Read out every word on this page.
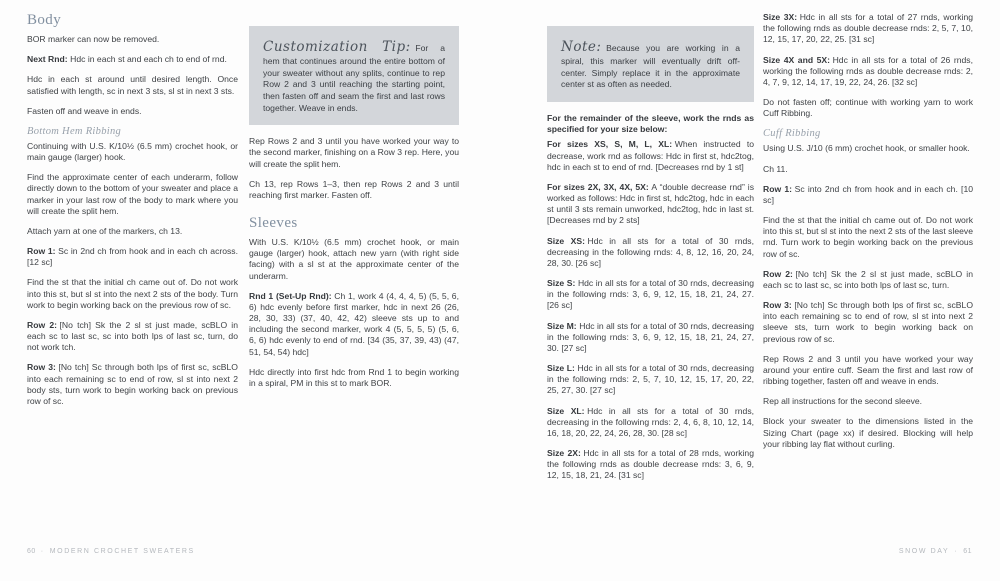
Body

BOR marker can now be removed.

Next Rnd: Hdc in each st and each ch to end of rnd.

Hdc in each st around until desired length. Once satisfied with length, sc in next 3 sts, sl st in next 3 sts.

Fasten off and weave in ends.

Bottom Hem Ribbing

Continuing with U.S. K/10½ (6.5 mm) crochet hook, or main gauge (larger) hook.

Find the approximate center of each underarm, follow directly down to the bottom of your sweater and place a marker in your last row of the body to mark where you will create the split hem.

Attach yarn at one of the markers, ch 13.

Row 1: Sc in 2nd ch from hook and in each ch across. [12 sc]

Find the st that the initial ch came out of. Do not work into this st, but sl st into the next 2 sts of the body. Turn work to begin working back on the previous row of sc.

Row 2: [No tch] Sk the 2 sl st just made, scBLO in each sc to last sc, sc into both lps of last sc, turn, do not work tch.

Row 3: [No tch] Sc through both lps of first sc, scBLO into each remaining sc to end of row, sl st into next 2 body sts, turn work to begin working back on previous row of sc.

Customization Tip: For a hem that continues around the entire bottom of your sweater without any splits, continue to rep Row 2 and 3 until reaching the starting point, then fasten off and seam the first and last rows together. Weave in ends.

Rep Rows 2 and 3 until you have worked your way to the second marker, finishing on a Row 3 rep. Here, you will create the split hem.

Ch 13, rep Rows 1–3, then rep Rows 2 and 3 until reaching first marker. Fasten off.

Sleeves

With U.S. K/10½ (6.5 mm) crochet hook, or main gauge (larger) hook, attach new yarn (with right side facing) with a sl st at the approximate center of the underarm.

Rnd 1 (Set-Up Rnd): Ch 1, work 4 (4, 4, 4, 5) (5, 5, 6, 6) hdc evenly before first marker, hdc in next 26 (26, 28, 30, 33) (37, 40, 42, 42) sleeve sts up to and including the second marker, work 4 (5, 5, 5, 5) (5, 6, 6, 6) hdc evenly to end of rnd. [34 (35, 37, 39, 43) (47, 51, 54, 54) hdc]

Hdc directly into first hdc from Rnd 1 to begin working in a spiral, PM in this st to mark BOR.

Note: Because you are working in a spiral, this marker will eventually drift off-center. Simply replace it in the approximate center st as often as needed.

For the remainder of the sleeve, work the rnds as specified for your size below:

For sizes XS, S, M, L, XL: When instructed to decrease, work rnd as follows: Hdc in first st, hdc2tog, hdc in each st to end of rnd. [Decreases rnd by 1 st]

For sizes 2X, 3X, 4X, 5X: A “double decrease rnd” is worked as follows: Hdc in first st, hdc2tog, hdc in each st until 3 sts remain unworked, hdc2tog, hdc in last st. [Decreases rnd by 2 sts]

Size XS: Hdc in all sts for a total of 30 rnds, decreasing in the following rnds: 4, 8, 12, 16, 20, 24, 28, 30. [26 sc]

Size S: Hdc in all sts for a total of 30 rnds, decreasing in the following rnds: 3, 6, 9, 12, 15, 18, 21, 24, 27. [26 sc]

Size M: Hdc in all sts for a total of 30 rnds, decreasing in the following rnds: 3, 6, 9, 12, 15, 18, 21, 24, 27, 30. [27 sc]

Size L: Hdc in all sts for a total of 30 rnds, decreasing in the following rnds: 2, 5, 7, 10, 12, 15, 17, 20, 22, 25, 27, 30. [27 sc]

Size XL: Hdc in all sts for a total of 30 rnds, decreasing in the following rnds: 2, 4, 6, 8, 10, 12, 14, 16, 18, 20, 22, 24, 26, 28, 30. [28 sc]

Size 2X: Hdc in all sts for a total of 28 rnds, working the following rnds as double decrease rnds: 3, 6, 9, 12, 15, 18, 21, 24. [31 sc]

Size 3X: Hdc in all sts for a total of 27 rnds, working the following rnds as double decrease rnds: 2, 5, 7, 10, 12, 15, 17, 20, 22, 25. [31 sc]

Size 4X and 5X: Hdc in all sts for a total of 26 rnds, working the following rnds as double decrease rnds: 2, 4, 7, 9, 12, 14, 17, 19, 22, 24, 26. [32 sc]

Do not fasten off; continue with working yarn to work Cuff Ribbing.

Cuff Ribbing

Using U.S. J/10 (6 mm) crochet hook, or smaller hook.

Ch 11.

Row 1: Sc into 2nd ch from hook and in each ch. [10 sc]

Find the st that the initial ch came out of. Do not work into this st, but sl st into the next 2 sts of the last sleeve rnd. Turn work to begin working back on the previous row of sc.

Row 2: [No tch] Sk the 2 sl st just made, scBLO in each sc to last sc, sc into both lps of last sc, turn.

Row 3: [No tch] Sc through both lps of first sc, scBLO into each remaining sc to end of row, sl st into next 2 sleeve sts, turn work to begin working back on previous row of sc.

Rep Rows 2 and 3 until you have worked your way around your entire cuff. Seam the first and last row of ribbing together, fasten off and weave in ends.

Rep all instructions for the second sleeve.

Block your sweater to the dimensions listed in the Sizing Chart (page xx) if desired. Blocking will help your ribbing lay flat without curling.

60 · MODERN CROCHET SWEATERS	SNOW DAY · 61
